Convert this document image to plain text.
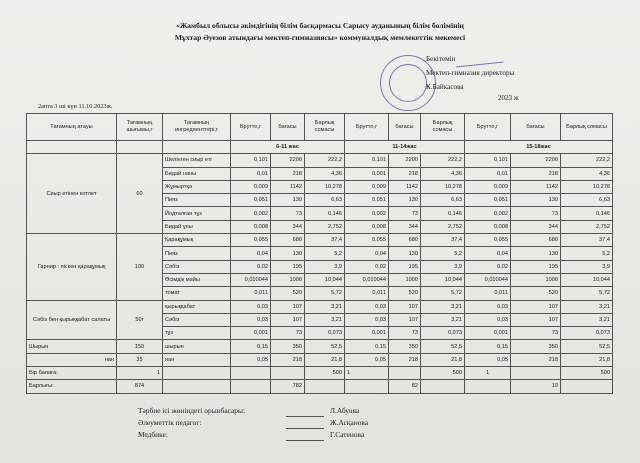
«Жамбыл облысы әкімдігінің білім басқармасы Сарысу ауданының білім бөлімінің
Мұхтар Әуезов атындағы мектеп-гимназиясы» коммуналдық мемлекеттік мекемесі
Бекітемін
Мектеп-гимназия директоры
К.Байкасова
2023 ж
2апта 3 ші күн 11.10.2023ж.
Тағамның атауы	Тағамның шығымы,г	Тағамның ингредиенттері,г	Брутто,г	бағасы	Барлық сомасы	Брутто,г	бағасы	Барлық сомасы	Брутто,г	бағасы	Барлық сомасы
			6-11 жас			11-14жас			15-18жас		
Сиыр етінен котлет	60	Шелінген сиыр еті	0,101	2200	222,2	0,101	2200	222,2	0,101	2200	222,2
		Бидай наны	0,01	218	4,36	0,001	218	4,36	0,01	218	4,36
		Жұмыртқа	0,009	1142	10,278	0,009	1142	10,278	0,009	1142	10,278
		Пияз	0,051	130	6,63	0,051	130	6,63	0,051	130	6,63
		Йодталған тұз	0,002	73	0,146	0,002	73	0,146	0,002	73	0,146
		Бидай ұны	0,008	344	2,752	0,008	344	2,752	0,008	344	2,752
Гарнир : піскен қарақұмық	100	Қарақұмық	0,055	680	37,4	0,055	680	37,4	0,055	680	37,4
		Пияз	0,04	130	5,2	0,04	130	5,2	0,04	130	5,2
		Сәбіз	0,02	195	3,9	0,02	195	3,9	0,02	195	3,9
		Өсімдік майы	0,010044	1000	10,044	0,010044	1000	10,044	0,010044	1000	10,044
		томат	0,011	520	5,72	0,011	520	5,72	0,011	520	5,72
Сәбіз бен қырыққабат салаты	50г	қырыққабат	0,03	107	3,21	0,03	107	3,21	0,03	107	3,21
		Сәбіз	0,03	107	3,21	0,03	107	3,21	0,03	107	3,21
		тұз	0,001	73	0,073	0,001	73	0,073	0,001	73	0,073
Шырын	150	шырын	0,15	350	52,5	0,15	350	52,5	0,15	350	52,5
нан	35	нан	0,05	218	21,8	0,05	218	21,8	0,05	218	21,8
Бір балаға:	1				500	1		500	1		500
Барлығы:	874			782			82			10	
Тәрбие ісі жөніндегі орынбасары:	Л.Абуова
Әлеуметтік педагог:	Ж.Асқанова
Медбике:	Г.Сатенова
